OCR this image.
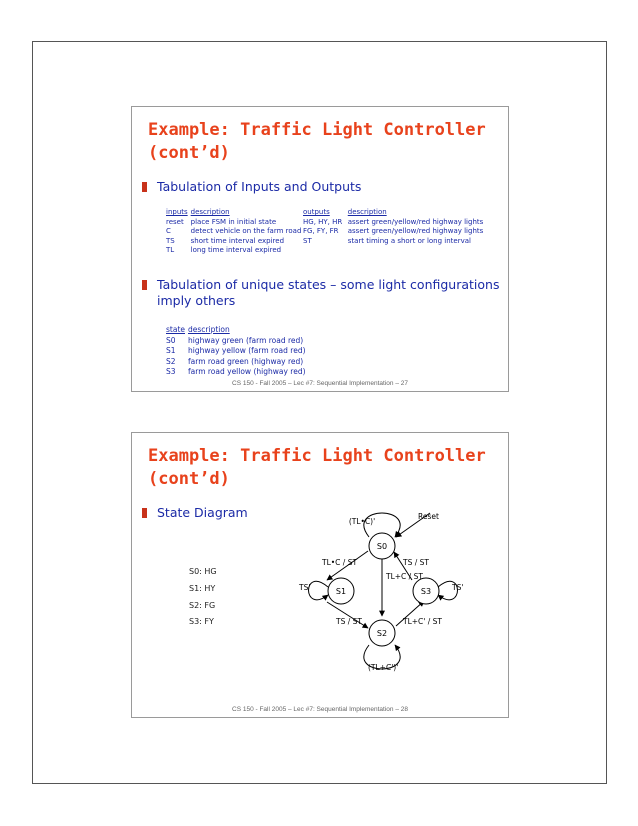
Example: Traffic Light Controller
(cont’d)
Tabulation of Inputs and Outputs
inputs	description
reset	place FSM in initial state
C	detect vehicle on the farm road
TS	short time interval expired
TL	long time interval expired
outputs	description
HG, HY, HR	assert green/yellow/red highway lights
FG, FY, FR	assert green/yellow/red highway lights
ST	start timing a short or long interval
Tabulation of unique states – some light configurations
imply others
state	description
S0	highway green (farm road red)
S1	highway yellow (farm road red)
S2	farm road green (highway red)
S3	farm road yellow (highway red)
CS 150 - Fall 2005 – Lec #7: Sequential Implementation – 27
Example: Traffic Light Controller
(cont’d)
State Diagram
S0: HG
S1: HY
S2: FG
S3: FY
S0
S1
S2
S3
(TL•C)'
Reset
TL•C / ST	TS / ST
TL+C / ST
TS'	TS'
TS / ST	TL+C' / ST
(TL+C')'
CS 150 - Fall 2005 – Lec #7: Sequential Implementation – 28
